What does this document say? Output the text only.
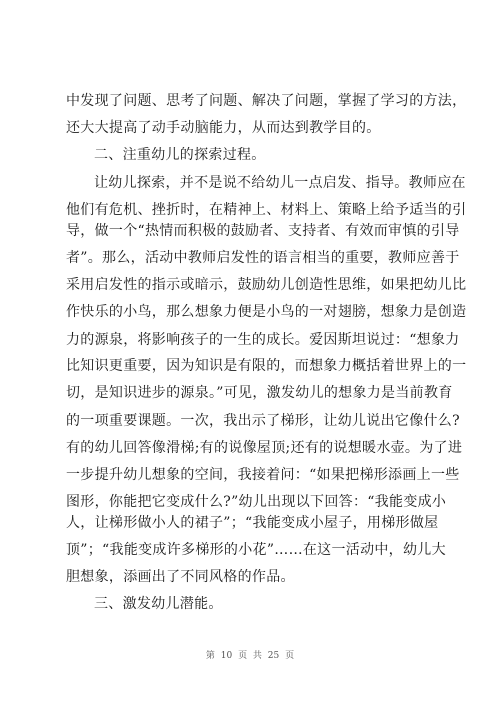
中发现了问题、思考了问题、解决了问题，掌握了学习的方法，
还大大提高了动手动脑能力，从而达到教学目的。
二、注重幼儿的探索过程。
让幼儿探索，并不是说不给幼儿一点启发、指导。教师应在
他们有危机、挫折时，在精神上、材料上、策略上给予适当的引
导，做一个“热情而积极的鼓励者、支持者、有效而审慎的引导
者”。那么，活动中教师启发性的语言相当的重要，教师应善于
采用启发性的指示或暗示，鼓励幼儿创造性思维，如果把幼儿比
作快乐的小鸟，那么想象力便是小鸟的一对翅膀，想象力是创造
力的源泉，将影响孩子的一生的成长。爱因斯坦说过：“想象力
比知识更重要，因为知识是有限的，而想象力概括着世界上的一
切，是知识进步的源泉。”可见，激发幼儿的想象力是当前教育
的一项重要课题。一次，我出示了梯形，让幼儿说出它像什么?
有的幼儿回答像滑梯;有的说像屋顶;还有的说想暖水壶。为了进
一步提升幼儿想象的空间，我接着问：“如果把梯形添画上一些
图形，你能把它变成什么?”幼儿出现以下回答：“我能变成小
人，让梯形做小人的裙子”；“我能变成小屋子，用梯形做屋
顶”；“我能变成许多梯形的小花”……在这一活动中，幼儿大
胆想象，添画出了不同风格的作品。
三、激发幼儿潜能。
第 10 页 共 25 页
